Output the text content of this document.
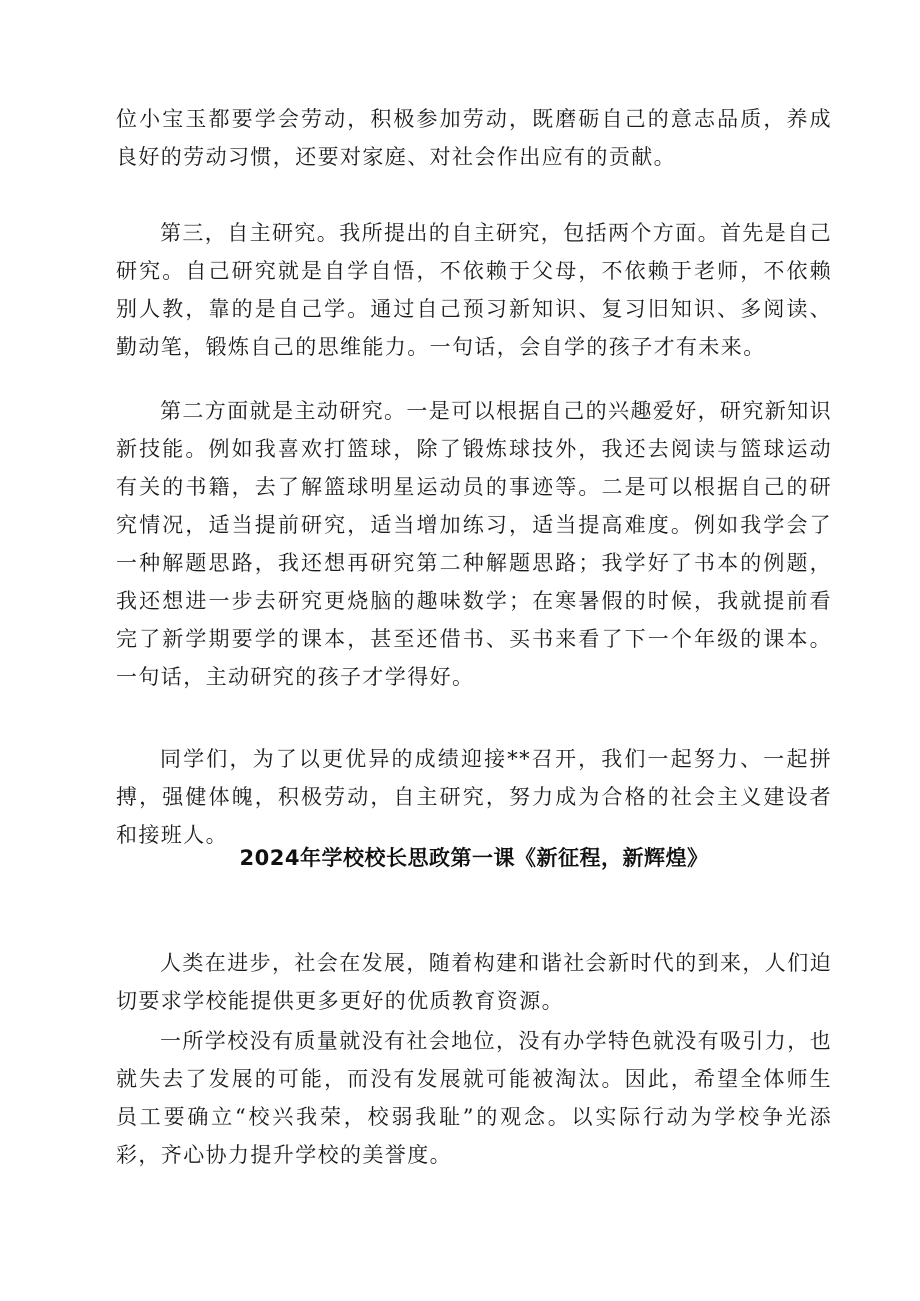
位小宝玉都要学会劳动，积极参加劳动，既磨砺自己的意志品质，养成良好的劳动习惯，还要对家庭、对社会作出应有的贡献。

第三，自主研究。我所提出的自主研究，包括两个方面。首先是自己研究。自己研究就是自学自悟，不依赖于父母，不依赖于老师，不依赖别人教，靠的是自己学。通过自己预习新知识、复习旧知识、多阅读、勤动笔，锻炼自己的思维能力。一句话，会自学的孩子才有未来。

第二方面就是主动研究。一是可以根据自己的兴趣爱好，研究新知识新技能。例如我喜欢打篮球，除了锻炼球技外，我还去阅读与篮球运动有关的书籍，去了解篮球明星运动员的事迹等。二是可以根据自己的研究情况，适当提前研究，适当增加练习，适当提高难度。例如我学会了一种解题思路，我还想再研究第二种解题思路；我学好了书本的例题，我还想进一步去研究更烧脑的趣味数学；在寒暑假的时候，我就提前看完了新学期要学的课本，甚至还借书、买书来看了下一个年级的课本。一句话，主动研究的孩子才学得好。

同学们，为了以更优异的成绩迎接**召开，我们一起努力、一起拼搏，强健体魄，积极劳动，自主研究，努力成为合格的社会主义建设者和接班人。

2024年学校校长思政第一课《新征程，新辉煌》

人类在进步，社会在发展，随着构建和谐社会新时代的到来，人们迫切要求学校能提供更多更好的优质教育资源。

一所学校没有质量就没有社会地位，没有办学特色就没有吸引力，也就失去了发展的可能，而没有发展就可能被淘汰。因此，希望全体师生员工要确立“校兴我荣，校弱我耻”的观念。以实际行动为学校争光添彩，齐心协力提升学校的美誉度。
